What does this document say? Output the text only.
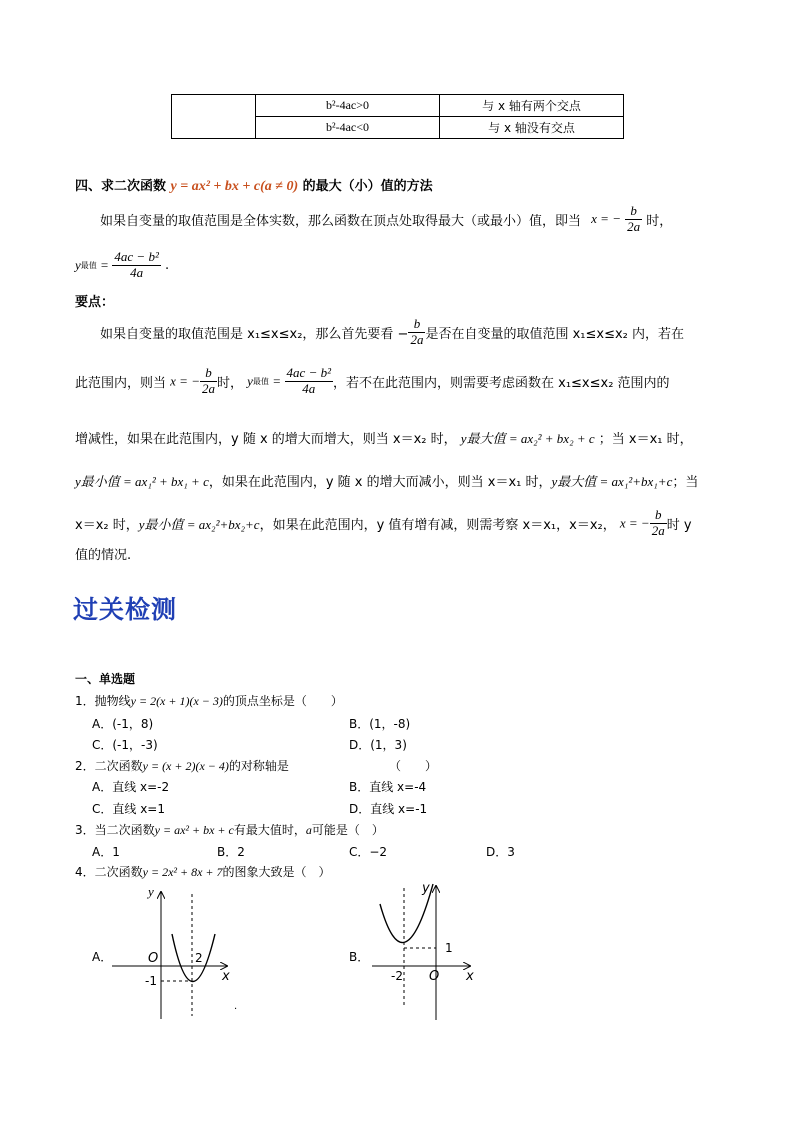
	b²-4ac>0	与 x 轴有两个交点
	b²-4ac<0	与 x 轴没有交点
四、求二次函数 y = ax² + bx + c(a ≠ 0) 的最大（小）值的方法
如果自变量的取值范围是全体实数，那么函数在顶点处取得最大（或最小）值，即当 x = − $\frac{b}{2a}$ 时，
y最值 = $\frac{\text{4ac − b²}}{4a}$ .
要点：
如果自变量的取值范围是 x₁≤x≤x₂，那么首先要看 − $\frac{b}{2a}$ 是否在自变量的取值范围 x₁≤x≤x₂ 内，若在
此范围内，则当 x = − $\frac{b}{2a}$ 时， y最值 = $\frac{\text{4ac − b²}}{4a}$ ，若不在此范围内，则需要考虑函数在 x₁≤x≤x₂ 范围内的
增减性，如果在此范围内，y 随 x 的增大而增大，则当 x＝x₂ 时， y最大值 = ax₂² + bx₂ + c ；当 x＝x₁ 时，
y最小值 = ax₁² + bx₁ + c，如果在此范围内，y 随 x 的增大而减小，则当 x＝x₁ 时，y最大值 = ax₁²+bx₁+c；当
x＝x₂ 时，y最小值 = ax₂²+bx₂+c，如果在此范围内，y 值有增有减，则需考察 x＝x₁，x＝x₂， x = − $\frac{b}{2a}$ 时 y
值的情况.
过关检测
一、单选题
1．抛物线y = 2(x + 1)(x − 3)的顶点坐标是（　　）
A．(-1，8)	B．(1，-8)
C．(-1，-3)	D．(1，3)
2．二次函数y = (x + 2)(x − 4)的对称轴是	（　　）
A．直线 x=-2	B．直线 x=-4
C．直线 x=1	D．直线 x=-1
3．当二次函数y = ax² + bx + c有最大值时，a可能是（　）
A．1	B．2	C．−2	D．3
4．二次函数y = 2x² + 8x + 7的图象大致是（　）
A．	B．
y
x
O	2
-1
·
y
x
O
-2
1
